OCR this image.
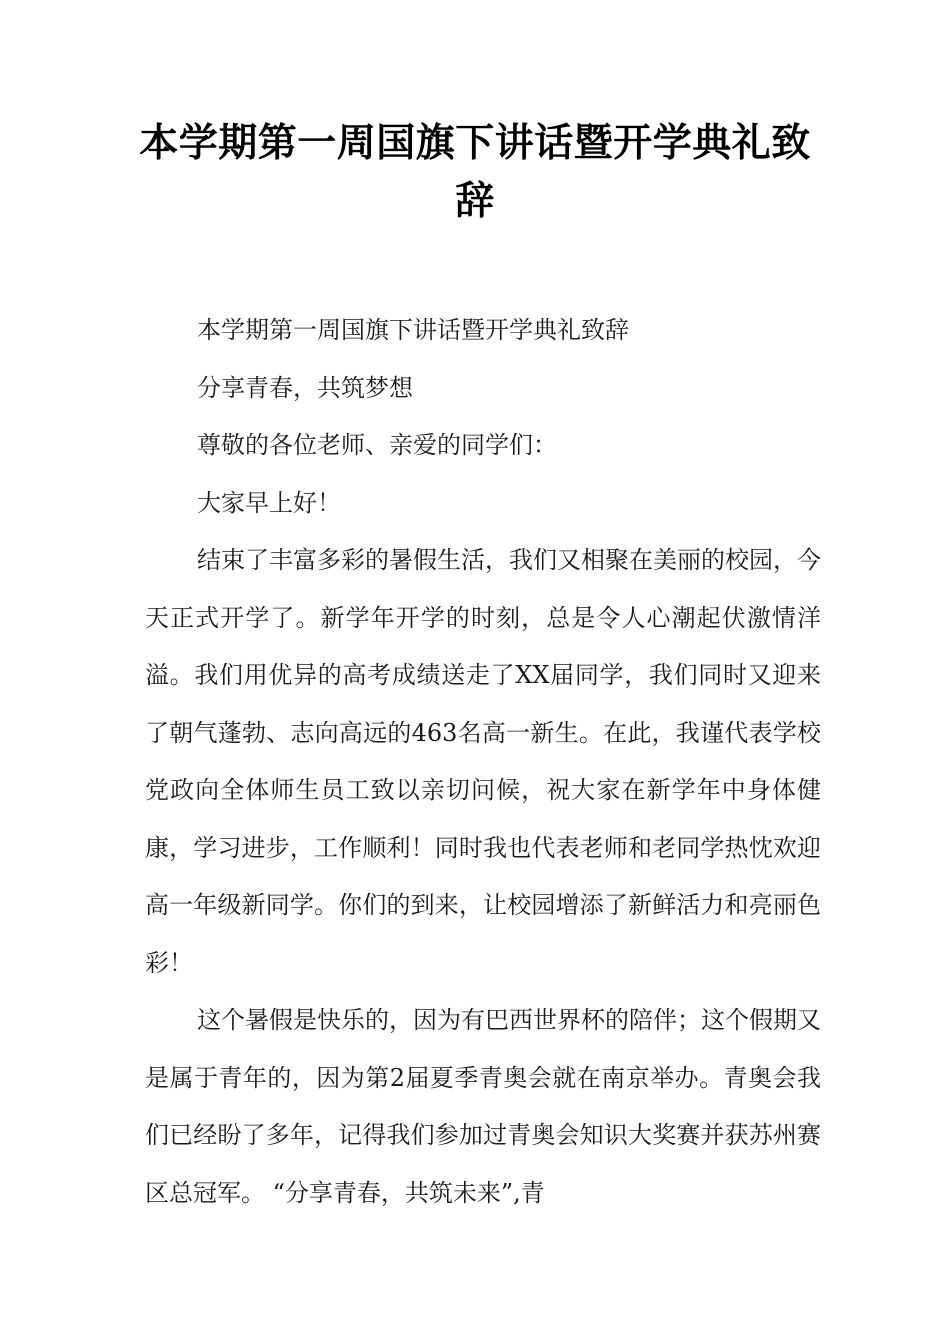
本学期第一周国旗下讲话暨开学典礼致辞

本学期第一周国旗下讲话暨开学典礼致辞

分享青春，共筑梦想

尊敬的各位老师、亲爱的同学们：

大家早上好！

结束了丰富多彩的暑假生活，我们又相聚在美丽的校园，今天正式开学了。新学年开学的时刻，总是令人心潮起伏激情洋溢。我们用优异的高考成绩送走了XX届同学，我们同时又迎来了朝气蓬勃、志向高远的463名高一新生。在此，我谨代表学校党政向全体师生员工致以亲切问候，祝大家在新学年中身体健康，学习进步，工作顺利！同时我也代表老师和老同学热忱欢迎高一年级新同学。你们的到来，让校园增添了新鲜活力和亮丽色彩！

这个暑假是快乐的，因为有巴西世界杯的陪伴；这个假期又是属于青年的，因为第2届夏季青奥会就在南京举办。青奥会我们已经盼了多年，记得我们参加过青奥会知识大奖赛并获苏州赛区总冠军。 “分享青春，共筑未来”,青
